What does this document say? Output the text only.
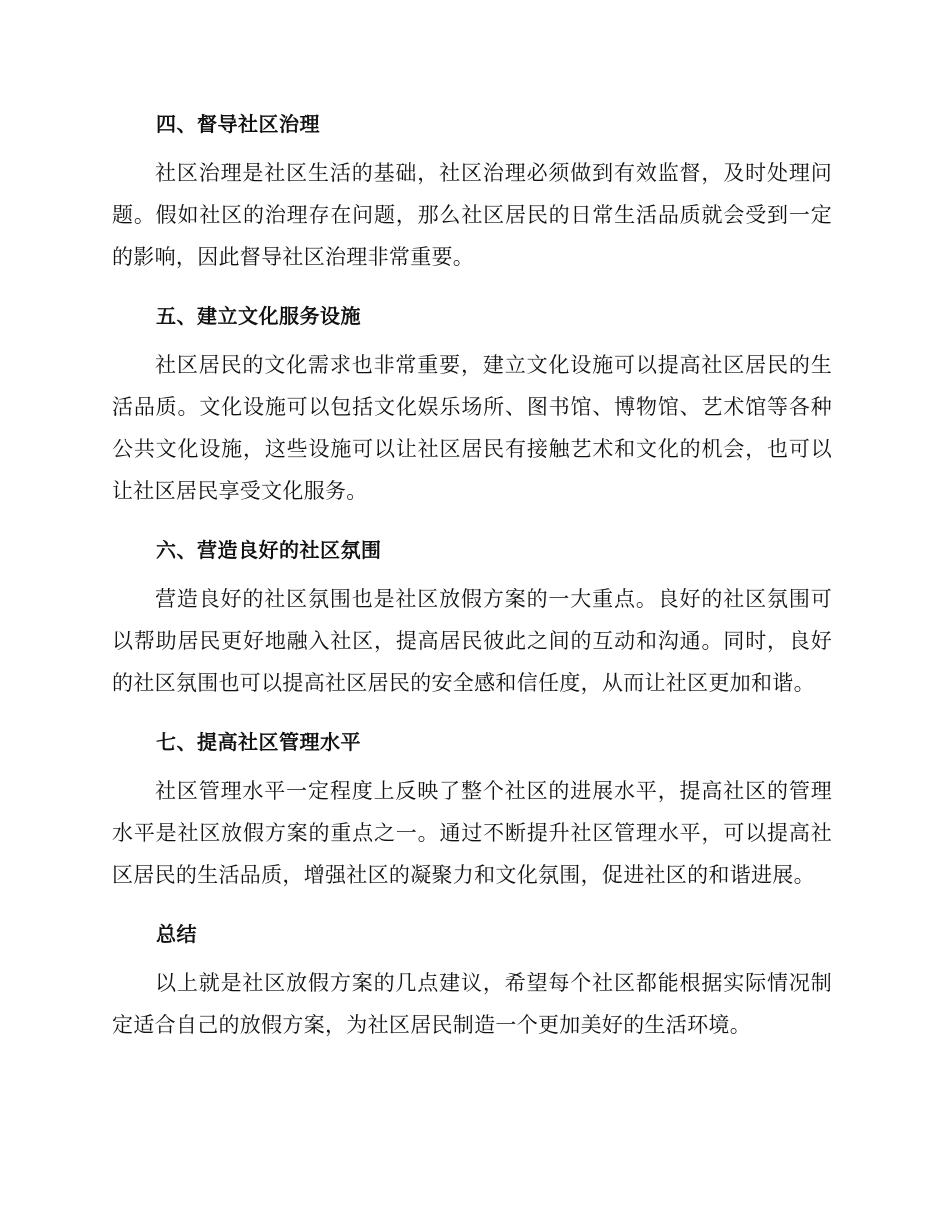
四、督导社区治理

社区治理是社区生活的基础，社区治理必须做到有效监督，及时处理问题。假如社区的治理存在问题，那么社区居民的日常生活品质就会受到一定的影响，因此督导社区治理非常重要。

五、建立文化服务设施

社区居民的文化需求也非常重要，建立文化设施可以提高社区居民的生活品质。文化设施可以包括文化娱乐场所、图书馆、博物馆、艺术馆等各种公共文化设施，这些设施可以让社区居民有接触艺术和文化的机会，也可以让社区居民享受文化服务。

六、营造良好的社区氛围

营造良好的社区氛围也是社区放假方案的一大重点。良好的社区氛围可以帮助居民更好地融入社区，提高居民彼此之间的互动和沟通。同时，良好的社区氛围也可以提高社区居民的安全感和信任度，从而让社区更加和谐。

七、提高社区管理水平

社区管理水平一定程度上反映了整个社区的进展水平，提高社区的管理水平是社区放假方案的重点之一。通过不断提升社区管理水平，可以提高社区居民的生活品质，增强社区的凝聚力和文化氛围，促进社区的和谐进展。

总结

以上就是社区放假方案的几点建议，希望每个社区都能根据实际情况制定适合自己的放假方案，为社区居民制造一个更加美好的生活环境。
